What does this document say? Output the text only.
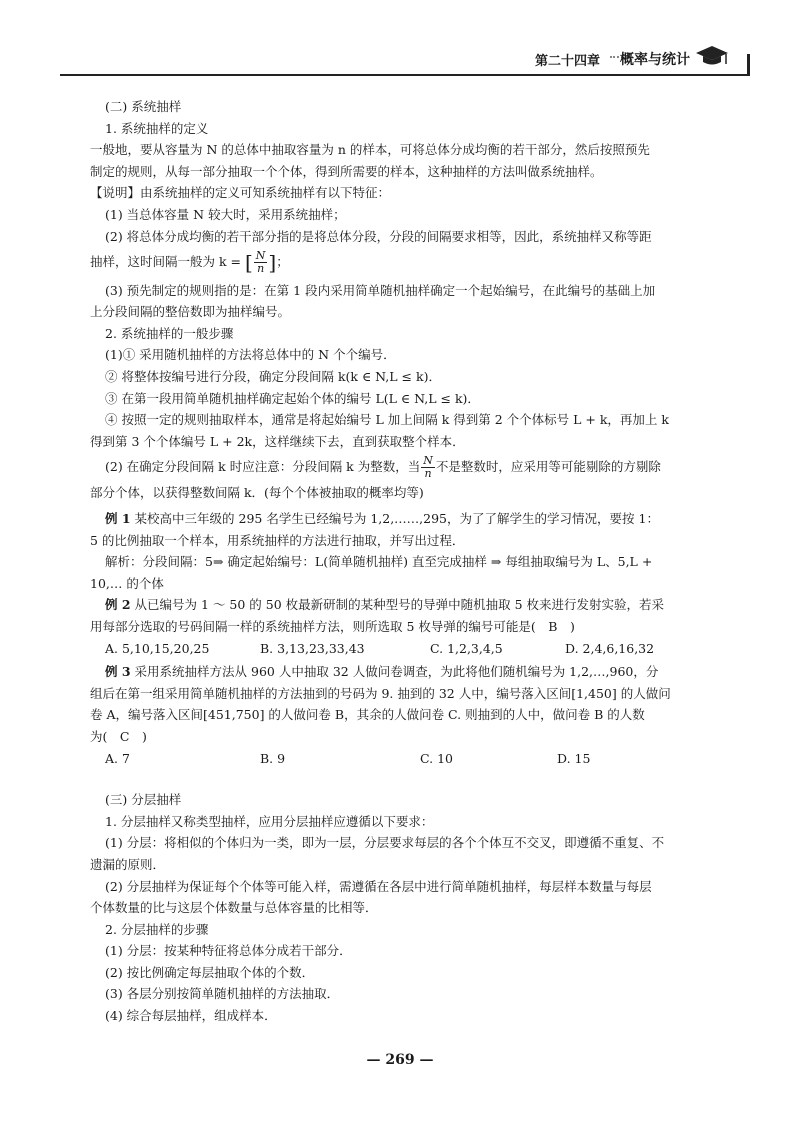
第二十四章 概率与统计

(二) 系统抽样

1. 系统抽样的定义

一般地，要从容量为 N 的总体中抽取容量为 n 的样本，可将总体分成均衡的若干部分，然后按照预先

制定的规则，从每一部分抽取一个个体，得到所需要的样本，这种抽样的方法叫做系统抽样。

【说明】由系统抽样的定义可知系统抽样有以下特征：

(1) 当总体容量 N 较大时，采用系统抽样；

(2) 将总体分成均衡的若干部分指的是将总体分段，分段的间隔要求相等，因此，系统抽样又称等距

抽样，这时间隔一般为 k = [ $\frac{N}{n}$ ]；

(3) 预先制定的规则指的是：在第 1 段内采用简单随机抽样确定一个起始编号，在此编号的基础上加

上分段间隔的整倍数即为抽样编号。

2. 系统抽样的一般步骤

(1)① 采用随机抽样的方法将总体中的 N 个个编号．

② 将整体按编号进行分段，确定分段间隔 k(k ∈ N,L ≤ k)．

③ 在第一段用简单随机抽样确定起始个体的编号 L(L ∈ N,L ≤ k)．

④ 按照一定的规则抽取样本，通常是将起始编号 L 加上间隔 k 得到第 2 个个体标号 L + k，再加上 k

得到第 3 个个体编号 L + 2k，这样继续下去，直到获取整个样本．

(2) 在确定分段间隔 k 时应注意：分段间隔 k 为整数，当 $\frac{N}{n}$ 不是整数时，应采用等可能剔除的方剔除

部分个体，以获得整数间隔 k．(每个个体被抽取的概率均等)

例 1 某校高中三年级的 295 名学生已经编号为 1,2,……,295，为了了解学生的学习情况，要按 1：

5 的比例抽取一个样本，用系统抽样的方法进行抽取，并写出过程．

解析：分段间隔：5⇒ 确定起始编号：L(简单随机抽样) 直至完成抽样 ⇒ 每组抽取编号为 L、5,L +

10,… 的个体

例 2 从已编号为 1 ～ 50 的 50 枚最新研制的某种型号的导弹中随机抽取 5 枚来进行发射实验，若采

用每部分选取的号码间隔一样的系统抽样方法，则所选取 5 枚导弹的编号可能是(　B　)

A. 5,10,15,20,25	B. 3,13,23,33,43	C. 1,2,3,4,5	D. 2,4,6,16,32

例 3 采用系统抽样方法从 960 人中抽取 32 人做问卷调查，为此将他们随机编号为 1,2,…,960，分

组后在第一组采用简单随机抽样的方法抽到的号码为 9. 抽到的 32 人中，编号落入区间[1,450] 的人做问

卷 A，编号落入区间[451,750] 的人做问卷 B，其余的人做问卷 C. 则抽到的人中，做问卷 B 的人数

为(　C　)

A. 7	B. 9	C. 10	D. 15

(三) 分层抽样

1. 分层抽样又称类型抽样，应用分层抽样应遵循以下要求：

(1) 分层：将相似的个体归为一类，即为一层，分层要求每层的各个个体互不交叉，即遵循不重复、不

遗漏的原则．

(2) 分层抽样为保证每个个体等可能入样，需遵循在各层中进行简单随机抽样，每层样本数量与每层

个体数量的比与这层个体数量与总体容量的比相等．

2. 分层抽样的步骤

(1) 分层：按某种特征将总体分成若干部分．

(2) 按比例确定每层抽取个体的个数．

(3) 各层分别按简单随机抽样的方法抽取．

(4) 综合每层抽样，组成样本．

— 269 —
